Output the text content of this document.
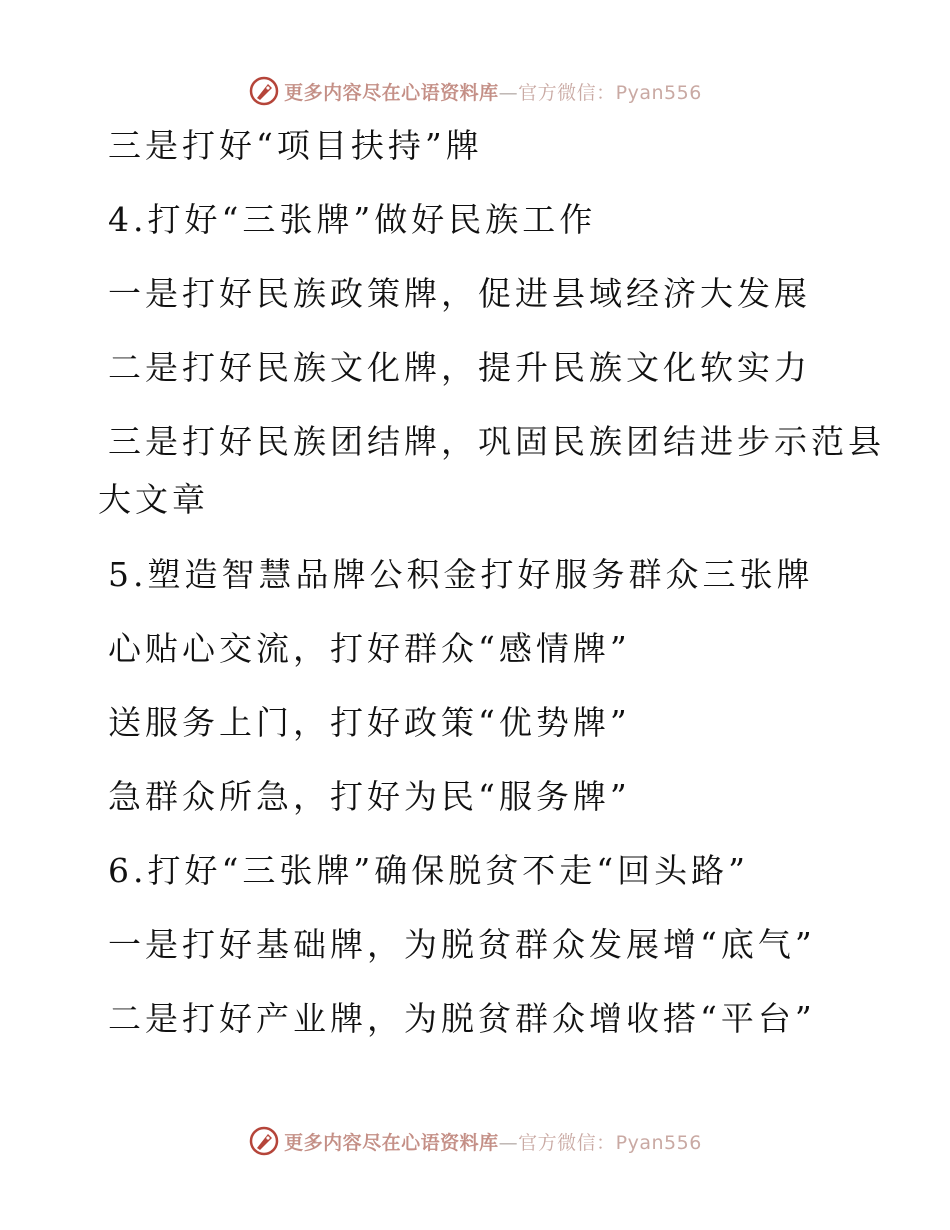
更多内容尽在心语资料库—官方微信：Pyan556
三是打好“项目扶持”牌
4.打好“三张牌”做好民族工作
一是打好民族政策牌，促进县域经济大发展
二是打好民族文化牌，提升民族文化软实力
三是打好民族团结牌，巩固民族团结进步示范县
大文章
5.塑造智慧品牌公积金打好服务群众三张牌
心贴心交流，打好群众“感情牌”
送服务上门，打好政策“优势牌”
急群众所急，打好为民“服务牌”
6.打好“三张牌”确保脱贫不走“回头路”
一是打好基础牌，为脱贫群众发展增“底气”
二是打好产业牌，为脱贫群众增收搭“平台”
更多内容尽在心语资料库—官方微信：Pyan556
